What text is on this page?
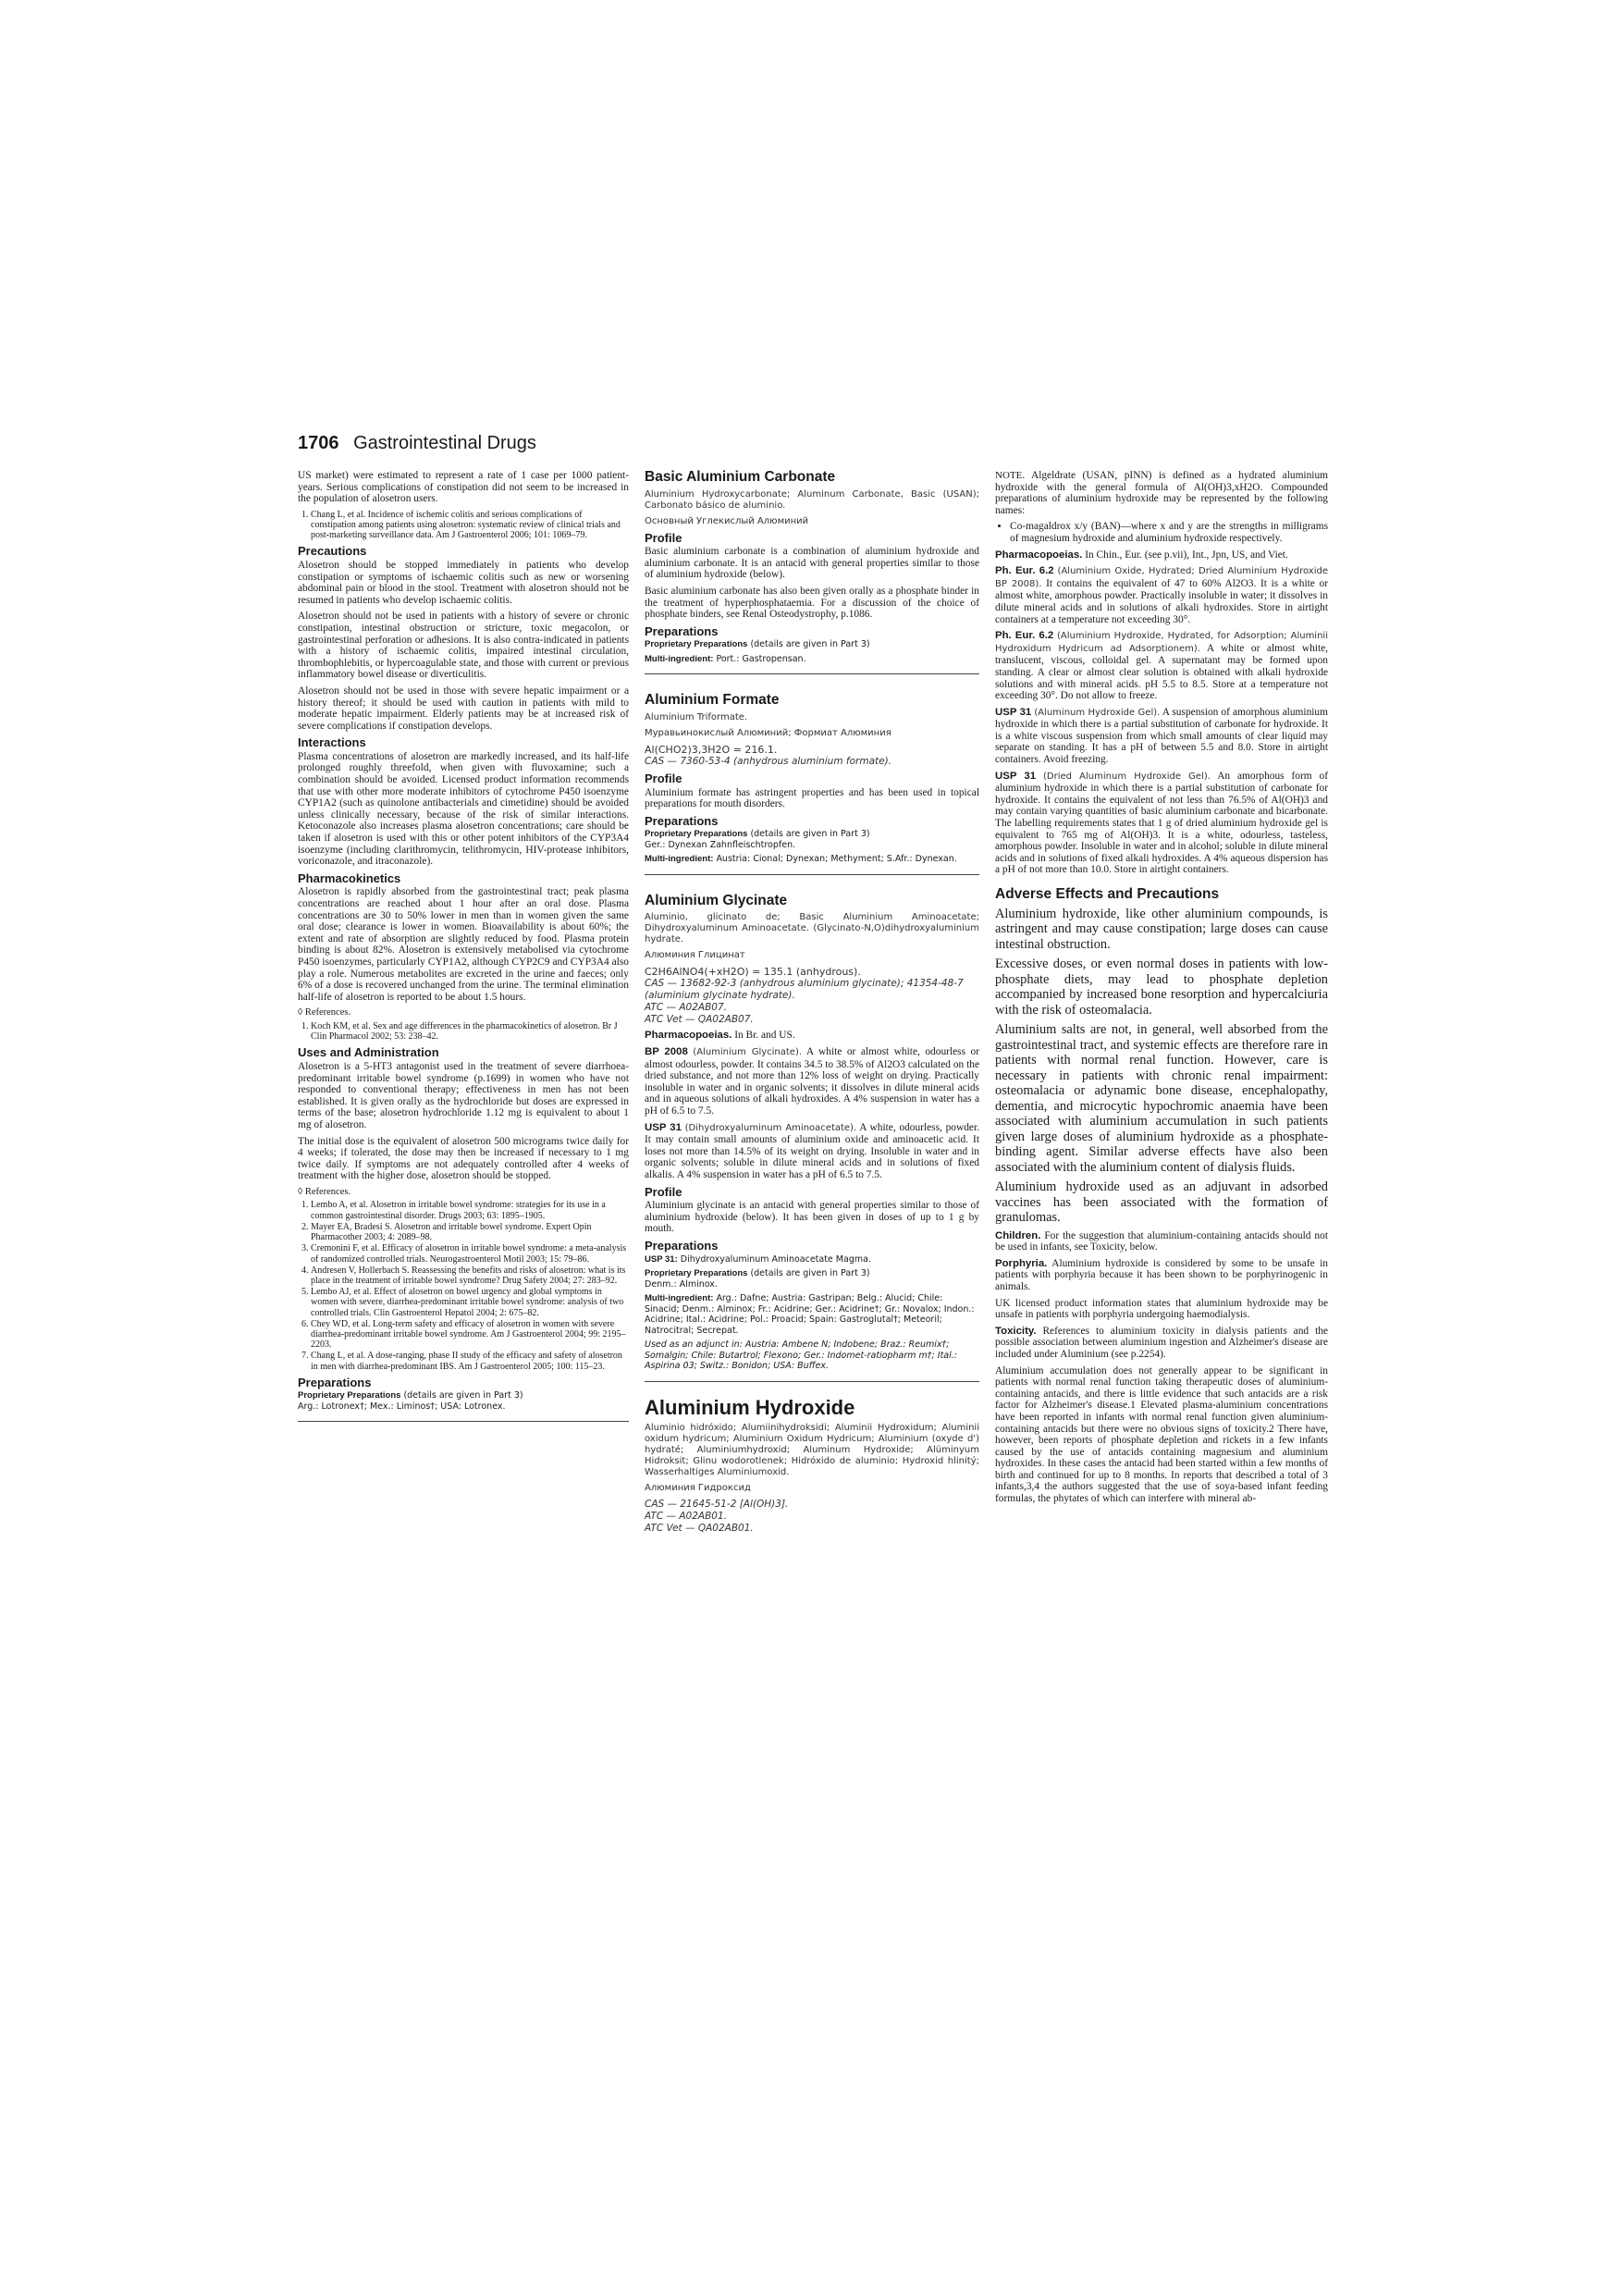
1706 Gastrointestinal Drugs

US market) were estimated to represent a rate of 1 case per 1000 patient-years. Serious complications of constipation did not seem to be increased in the population of alosetron users.

1. Chang L, et al. Incidence of ischemic colitis and serious complications of constipation among patients using alosetron: systematic review of clinical trials and post-marketing surveillance data. Am J Gastroenterol 2006; 101: 1069–79.
Precautions

Alosetron should be stopped immediately in patients who develop constipation or symptoms of ischaemic colitis such as new or worsening abdominal pain or blood in the stool. Treatment with alosetron should not be resumed in patients who develop ischaemic colitis.

Alosetron should not be used in patients with a history of severe or chronic constipation, intestinal obstruction or stricture, toxic megacolon, or gastrointestinal perforation or adhesions. It is also contra-indicated in patients with a history of ischaemic colitis, impaired intestinal circulation, thrombophlebitis, or hypercoagulable state, and those with current or previous inflammatory bowel disease or diverticulitis.

Alosetron should not be used in those with severe hepatic impairment or a history thereof; it should be used with caution in patients with mild to moderate hepatic impairment. Elderly patients may be at increased risk of severe complications if constipation develops.

Interactions

Plasma concentrations of alosetron are markedly increased, and its half-life prolonged roughly threefold, when given with fluvoxamine; such a combination should be avoided. Licensed product information recommends that use with other more moderate inhibitors of cytochrome P450 isoenzyme CYP1A2 (such as quinolone antibacterials and cimetidine) should be avoided unless clinically necessary, because of the risk of similar interactions. Ketoconazole also increases plasma alosetron concentrations; care should be taken if alosetron is used with this or other potent inhibitors of the CYP3A4 isoenzyme (including clarithromycin, telithromycin, HIV-protease inhibitors, voriconazole, and itraconazole).

Pharmacokinetics

Alosetron is rapidly absorbed from the gastrointestinal tract; peak plasma concentrations are reached about 1 hour after an oral dose. Plasma concentrations are 30 to 50% lower in men than in women given the same oral dose; clearance is lower in women. Bioavailability is about 60%; the extent and rate of absorption are slightly reduced by food. Plasma protein binding is about 82%. Alosetron is extensively metabolised via cytochrome P450 isoenzymes, particularly CYP1A2, although CYP2C9 and CYP3A4 also play a role. Numerous metabolites are excreted in the urine and faeces; only 6% of a dose is recovered unchanged from the urine. The terminal elimination half-life of alosetron is reported to be about 1.5 hours.

◊ References.
1. Koch KM, et al. Sex and age differences in the pharmacokinetics of alosetron. Br J Clin Pharmacol 2002; 53: 238–42.
Uses and Administration

Alosetron is a 5-HT3 antagonist used in the treatment of severe diarrhoea-predominant irritable bowel syndrome (p.1699) in women who have not responded to conventional therapy; effectiveness in men has not been established. It is given orally as the hydrochloride but doses are expressed in terms of the base; alosetron hydrochloride 1.12 mg is equivalent to about 1 mg of alosetron.

The initial dose is the equivalent of alosetron 500 micrograms twice daily for 4 weeks; if tolerated, the dose may then be increased if necessary to 1 mg twice daily. If symptoms are not adequately controlled after 4 weeks of treatment with the higher dose, alosetron should be stopped.

◊ References.
1. Lembo A, et al. Alosetron in irritable bowel syndrome: strategies for its use in a common gastrointestinal disorder. Drugs 2003; 63: 1895–1905.
2. Mayer EA, Bradesi S. Alosetron and irritable bowel syndrome. Expert Opin Pharmacother 2003; 4: 2089–98.
3. Cremonini F, et al. Efficacy of alosetron in irritable bowel syndrome: a meta-analysis of randomized controlled trials. Neurogastroenterol Motil 2003; 15: 79–86.
4. Andresen V, Hollerbach S. Reassessing the benefits and risks of alosetron: what is its place in the treatment of irritable bowel syndrome? Drug Safety 2004; 27: 283–92.
5. Lembo AJ, et al. Effect of alosetron on bowel urgency and global symptoms in women with severe, diarrhea-predominant irritable bowel syndrome: analysis of two controlled trials. Clin Gastroenterol Hepatol 2004; 2: 675–82.
6. Chey WD, et al. Long-term safety and efficacy of alosetron in women with severe diarrhea-predominant irritable bowel syndrome. Am J Gastroenterol 2004; 99: 2195–2203.
7. Chang L, et al. A dose-ranging, phase II study of the efficacy and safety of alosetron in men with diarrhea-predominant IBS. Am J Gastroenterol 2005; 100: 115–23.
Preparations
Proprietary Preparations (details are given in Part 3)
Arg.: Lotronex†; Mex.: Liminos†; USA: Lotronex.
Basic Aluminium Carbonate
Aluminium Hydroxycarbonate; Aluminum Carbonate, Basic (USAN); Carbonato básico de aluminio.
Основный Углекислый Алюминий
Profile

Basic aluminium carbonate is a combination of aluminium hydroxide and aluminium carbonate. It is an antacid with general properties similar to those of aluminium hydroxide (below).

Basic aluminium carbonate has also been given orally as a phosphate binder in the treatment of hyperphosphataemia. For a discussion of the choice of phosphate binders, see Renal Osteodystrophy, p.1086.

Preparations
Proprietary Preparations (details are given in Part 3)
Multi-ingredient: Port.: Gastropensan.
Aluminium Formate
Aluminium Triformate.
Муравьинокислый Алюминий; Формиат Алюминия
Al(CHO2)3,3H2O = 216.1.
CAS — 7360-53-4 (anhydrous aluminium formate).
Profile

Aluminium formate has astringent properties and has been used in topical preparations for mouth disorders.

Preparations
Proprietary Preparations (details are given in Part 3)
Ger.: Dynexan Zahnfleischtropfen.
Multi-ingredient: Austria: Cional; Dynexan; Methyment; S.Afr.: Dynexan.
Aluminium Glycinate
Aluminio, glicinato de; Basic Aluminium Aminoacetate; Dihydroxyaluminum Aminoacetate. (Glycinato-N,O)dihydroxyaluminium hydrate.
Алюминия Глицинат
C2H6AlNO4(+xH2O) = 135.1 (anhydrous).
CAS — 13682-92-3 (anhydrous aluminium glycinate); 41354-48-7 (aluminium glycinate hydrate).
ATC — A02AB07.
ATC Vet — QA02AB07.

Pharmacopoeias. In Br. and US.

BP 2008 (Aluminium Glycinate). A white or almost white, odourless or almost odourless, powder. It contains 34.5 to 38.5% of Al2O3 calculated on the dried substance, and not more than 12% loss of weight on drying. Practically insoluble in water and in organic solvents; it dissolves in dilute mineral acids and in aqueous solutions of alkali hydroxides. A 4% suspension in water has a pH of 6.5 to 7.5.

USP 31 (Dihydroxyaluminum Aminoacetate). A white, odourless, powder. It may contain small amounts of aluminium oxide and aminoacetic acid. It loses not more than 14.5% of its weight on drying. Insoluble in water and in organic solvents; soluble in dilute mineral acids and in solutions of fixed alkalis. A 4% suspension in water has a pH of 6.5 to 7.5.

Profile

Aluminium glycinate is an antacid with general properties similar to those of aluminium hydroxide (below). It has been given in doses of up to 1 g by mouth.

Preparations
USP 31: Dihydroxyaluminum Aminoacetate Magma.
Proprietary Preparations (details are given in Part 3)
Denm.: Alminox.
Multi-ingredient: Arg.: Dafne; Austria: Gastripan; Belg.: Alucid; Chile: Sinacid; Denm.: Alminox; Fr.: Acidrine; Ger.: Acidrine†; Gr.: Novalox; Indon.: Acidrine; Ital.: Acidrine; Pol.: Proacid; Spain: Gastroglutal†; Meteoril; Natrocitral; Secrepat.
Used as an adjunct in: Austria: Ambene N; Indobene; Braz.: Reumix†; Somalgin; Chile: Butartrol; Flexono; Ger.: Indomet-ratiopharm m†; Ital.: Aspirina 03; Switz.: Bonidon; USA: Buffex.
Aluminium Hydroxide
Aluminio hidróxido; Alumiinihydroksidi; Aluminii Hydroxidum; Aluminii oxidum hydricum; Aluminium Oxidum Hydricum; Aluminium (oxyde d') hydraté; Aluminiumhydroxid; Aluminum Hydroxide; Alüminyum Hidroksit; Glinu wodorotlenek; Hidróxido de aluminio; Hydroxid hlinitý; Wasserhaltiges Aluminiumoxid.
Алюминия Гидроксид
CAS — 21645-51-2 [Al(OH)3].
ATC — A02AB01.
ATC Vet — QA02AB01.

NOTE. Algeldrate (USAN, pINN) is defined as a hydrated aluminium hydroxide with the general formula of Al(OH)3,xH2O. Compounded preparations of aluminium hydroxide may be represented by the following names:

• Co-magaldrox x/y (BAN)—where x and y are the strengths in milligrams of magnesium hydroxide and aluminium hydroxide respectively.

Pharmacopoeias. In Chin., Eur. (see p.vii), Int., Jpn, US, and Viet.

Ph. Eur. 6.2 (Aluminium Oxide, Hydrated; Dried Aluminium Hydroxide BP 2008). It contains the equivalent of 47 to 60% Al2O3. It is a white or almost white, amorphous powder. Practically insoluble in water; it dissolves in dilute mineral acids and in solutions of alkali hydroxides. Store in airtight containers at a temperature not exceeding 30°.

Ph. Eur. 6.2 (Aluminium Hydroxide, Hydrated, for Adsorption; Aluminii Hydroxidum Hydricum ad Adsorptionem). A white or almost white, translucent, viscous, colloidal gel. A supernatant may be formed upon standing. A clear or almost clear solution is obtained with alkali hydroxide solutions and with mineral acids. pH 5.5 to 8.5. Store at a temperature not exceeding 30°. Do not allow to freeze.

USP 31 (Aluminum Hydroxide Gel). A suspension of amorphous aluminium hydroxide in which there is a partial substitution of carbonate for hydroxide. It is a white viscous suspension from which small amounts of clear liquid may separate on standing. It has a pH of between 5.5 and 8.0. Store in airtight containers. Avoid freezing.

USP 31 (Dried Aluminum Hydroxide Gel). An amorphous form of aluminium hydroxide in which there is a partial substitution of carbonate for hydroxide. It contains the equivalent of not less than 76.5% of Al(OH)3 and may contain varying quantities of basic aluminium carbonate and bicarbonate. The labelling requirements states that 1 g of dried aluminium hydroxide gel is equivalent to 765 mg of Al(OH)3. It is a white, odourless, tasteless, amorphous powder. Insoluble in water and in alcohol; soluble in dilute mineral acids and in solutions of fixed alkali hydroxides. A 4% aqueous dispersion has a pH of not more than 10.0. Store in airtight containers.

Adverse Effects and Precautions

Aluminium hydroxide, like other aluminium compounds, is astringent and may cause constipation; large doses can cause intestinal obstruction.

Excessive doses, or even normal doses in patients with low-phosphate diets, may lead to phosphate depletion accompanied by increased bone resorption and hypercalciuria with the risk of osteomalacia.

Aluminium salts are not, in general, well absorbed from the gastrointestinal tract, and systemic effects are therefore rare in patients with normal renal function. However, care is necessary in patients with chronic renal impairment: osteomalacia or adynamic bone disease, encephalopathy, dementia, and microcytic hypochromic anaemia have been associated with aluminium accumulation in such patients given large doses of aluminium hydroxide as a phosphate-binding agent. Similar adverse effects have also been associated with the aluminium content of dialysis fluids.

Aluminium hydroxide used as an adjuvant in adsorbed vaccines has been associated with the formation of granulomas.

Children. For the suggestion that aluminium-containing antacids should not be used in infants, see Toxicity, below.

Porphyria. Aluminium hydroxide is considered by some to be unsafe in patients with porphyria because it has been shown to be porphyrinogenic in animals.

UK licensed product information states that aluminium hydroxide may be unsafe in patients with porphyria undergoing haemodialysis.

Toxicity. References to aluminium toxicity in dialysis patients and the possible association between aluminium ingestion and Alzheimer's disease are included under Aluminium (see p.2254).

Aluminium accumulation does not generally appear to be significant in patients with normal renal function taking therapeutic doses of aluminium-containing antacids, and there is little evidence that such antacids are a risk factor for Alzheimer's disease.1 Elevated plasma-aluminium concentrations have been reported in infants with normal renal function given aluminium-containing antacids but there were no obvious signs of toxicity.2 There have, however, been reports of phosphate depletion and rickets in a few infants caused by the use of antacids containing magnesium and aluminium hydroxides. In these cases the antacid had been started within a few months of birth and continued for up to 8 months. In reports that described a total of 3 infants,3,4 the authors suggested that the use of soya-based infant feeding formulas, the phytates of which can interfere with mineral ab-
